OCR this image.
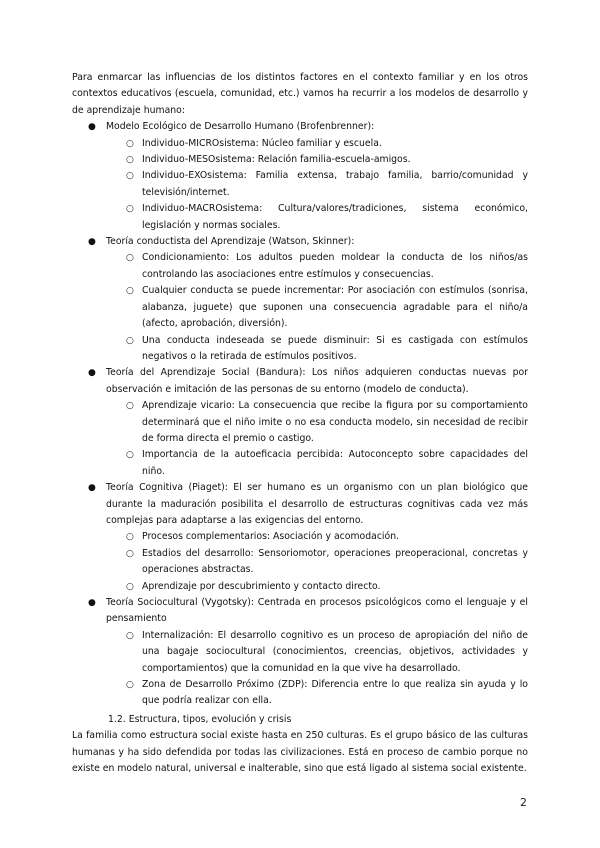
Para enmarcar las influencias de los distintos factores en el contexto familiar y en los otros contextos educativos (escuela, comunidad, etc.) vamos ha recurrir a los modelos de desarrollo y de aprendizaje humano:

● Modelo Ecológico de Desarrollo Humano (Brofenbrenner):
○ Individuo-MICROsistema: Núcleo familiar y escuela.
○ Individuo-MESOsistema: Relación familia-escuela-amigos.
○ Individuo-EXOsistema: Familia extensa, trabajo familia, barrio/comunidad y televisión/internet.
○ Individuo-MACROsistema: Cultura/valores/tradiciones, sistema económico, legislación y normas sociales.
● Teoría conductista del Aprendizaje (Watson, Skinner):
○ Condicionamiento: Los adultos pueden moldear la conducta de los niños/as controlando las asociaciones entre estímulos y consecuencias.
○ Cualquier conducta se puede incrementar: Por asociación con estímulos (sonrisa, alabanza, juguete) que suponen una consecuencia agradable para el niño/a (afecto, aprobación, diversión).
○ Una conducta indeseada se puede disminuir: Si es castigada con estímulos negativos o la retirada de estímulos positivos.
● Teoría del Aprendizaje Social (Bandura): Los niños adquieren conductas nuevas por observación e imitación de las personas de su entorno (modelo de conducta).
○ Aprendizaje vicario: La consecuencia que recibe la figura por su comportamiento determinará que el niño imite o no esa conducta modelo, sin necesidad de recibir de forma directa el premio o castigo.
○ Importancia de la autoeficacia percibida: Autoconcepto sobre capacidades del niño.
● Teoría Cognitiva (Piaget): El ser humano es un organismo con un plan biológico que durante la maduración posibilita el desarrollo de estructuras cognitivas cada vez más complejas para adaptarse a las exigencias del entorno.
○ Procesos complementarios: Asociación y acomodación.
○ Estadios del desarrollo: Sensoriomotor, operaciones preoperacional, concretas y operaciones abstractas.
○ Aprendizaje por descubrimiento y contacto directo.
● Teoría Sociocultural (Vygotsky): Centrada en procesos psicológicos como el lenguaje y el pensamiento
○ Internalización: El desarrollo cognitivo es un proceso de apropiación del niño de una bagaje sociocultural (conocimientos, creencias, objetivos, actividades y comportamientos) que la comunidad en la que vive ha desarrollado.
○ Zona de Desarrollo Próximo (ZDP): Diferencia entre lo que realiza sin ayuda y lo que podría realizar con ella.
1.2. Estructura, tipos, evolución y crisis

La familia como estructura social existe hasta en 250 culturas. Es el grupo básico de las culturas humanas y ha sido defendida por todas las civilizaciones. Está en proceso de cambio porque no existe en modelo natural, universal e inalterable, sino que está ligado al sistema social existente.

2
